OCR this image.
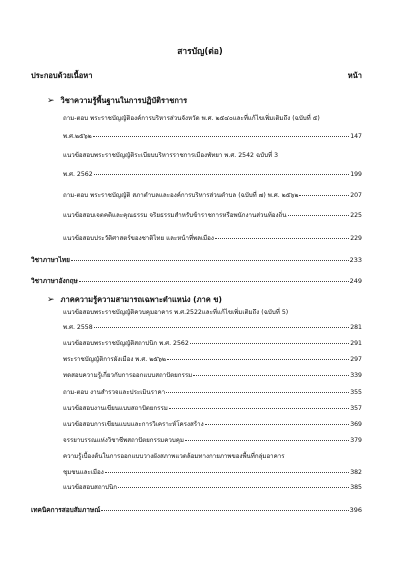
สารบัญ(ต่อ)
ประกอบด้วยเนื้อหา	หน้า
➢ วิชาความรู้พื้นฐานในการปฏิบัติราชการ
ถาม-ตอบ พระราชบัญญัติองค์การบริหารส่วนจังหวัด พ.ศ. ๒๕๔๐และที่แก้ไขเพิ่มเติมถึง (ฉบับที่ ๕)
พ.ศ.๒๕๖๒	147
แนวข้อสอบพระราชบัญญัติระเบียบบริหารราชการเมืองพัทยา พ.ศ. 2542 ฉบับที่ 3
พ.ศ. 2562	199
ถาม-ตอบ พระราชบัญญัติ สภาตำบลและองค์การบริหารส่วนตำบล (ฉบับที่ ๗) พ.ศ. ๒๕๖๒	207
แนวข้อสอบเจตคติและคุณธรรม จริยธรรมสำหรับข้าราชการหรือพนักงานส่วนท้องถิ่น	225
แนวข้อสอบประวัติศาสตร์ของชาติไทย และหน้าที่พลเมือง	229
วิชาภาษาไทย	233
วิชาภาษาอังกฤษ	249
➢ ภาคความรู้ความสามารถเฉพาะตำแหน่ง (ภาค ข)
แนวข้อสอบพระราชบัญญัติควบคุมอาคาร พ.ศ.2522และที่แก้ไขเพิ่มเติมถึง (ฉบับที่ 5)
พ.ศ. 2558	281
แนวข้อสอบพระราชบัญญัติสถาปนิก พ.ศ. 2562	291
พระราชบัญญัติการผังเมือง พ.ศ. ๒๕๖๒	297
ทดสอบความรู้เกี่ยวกับการออกแบบสถาปัตยกรรม	339
ถาม-ตอบ งานสำรวจและประเมินราคา	355
แนวข้อสอบงานเขียนแบบสถาปัตยกรรม	357
แนวข้อสอบการเขียนแบบและการวิเคราะห์โครงสร้าง	369
จรรยาบรรณแห่งวิชาชีพสถาปัตยกรรมควบคุม	379
ความรู้เบื้องต้นในการออกแบบวางผังสภาพแวดล้อมทางกายภาพของพื้นที่กลุ่มอาคาร
ชุมชนและเมือง	382
แนวข้อสอบสถาปนิก	385
เทคนิคการสอบสัมภาษณ์	396
